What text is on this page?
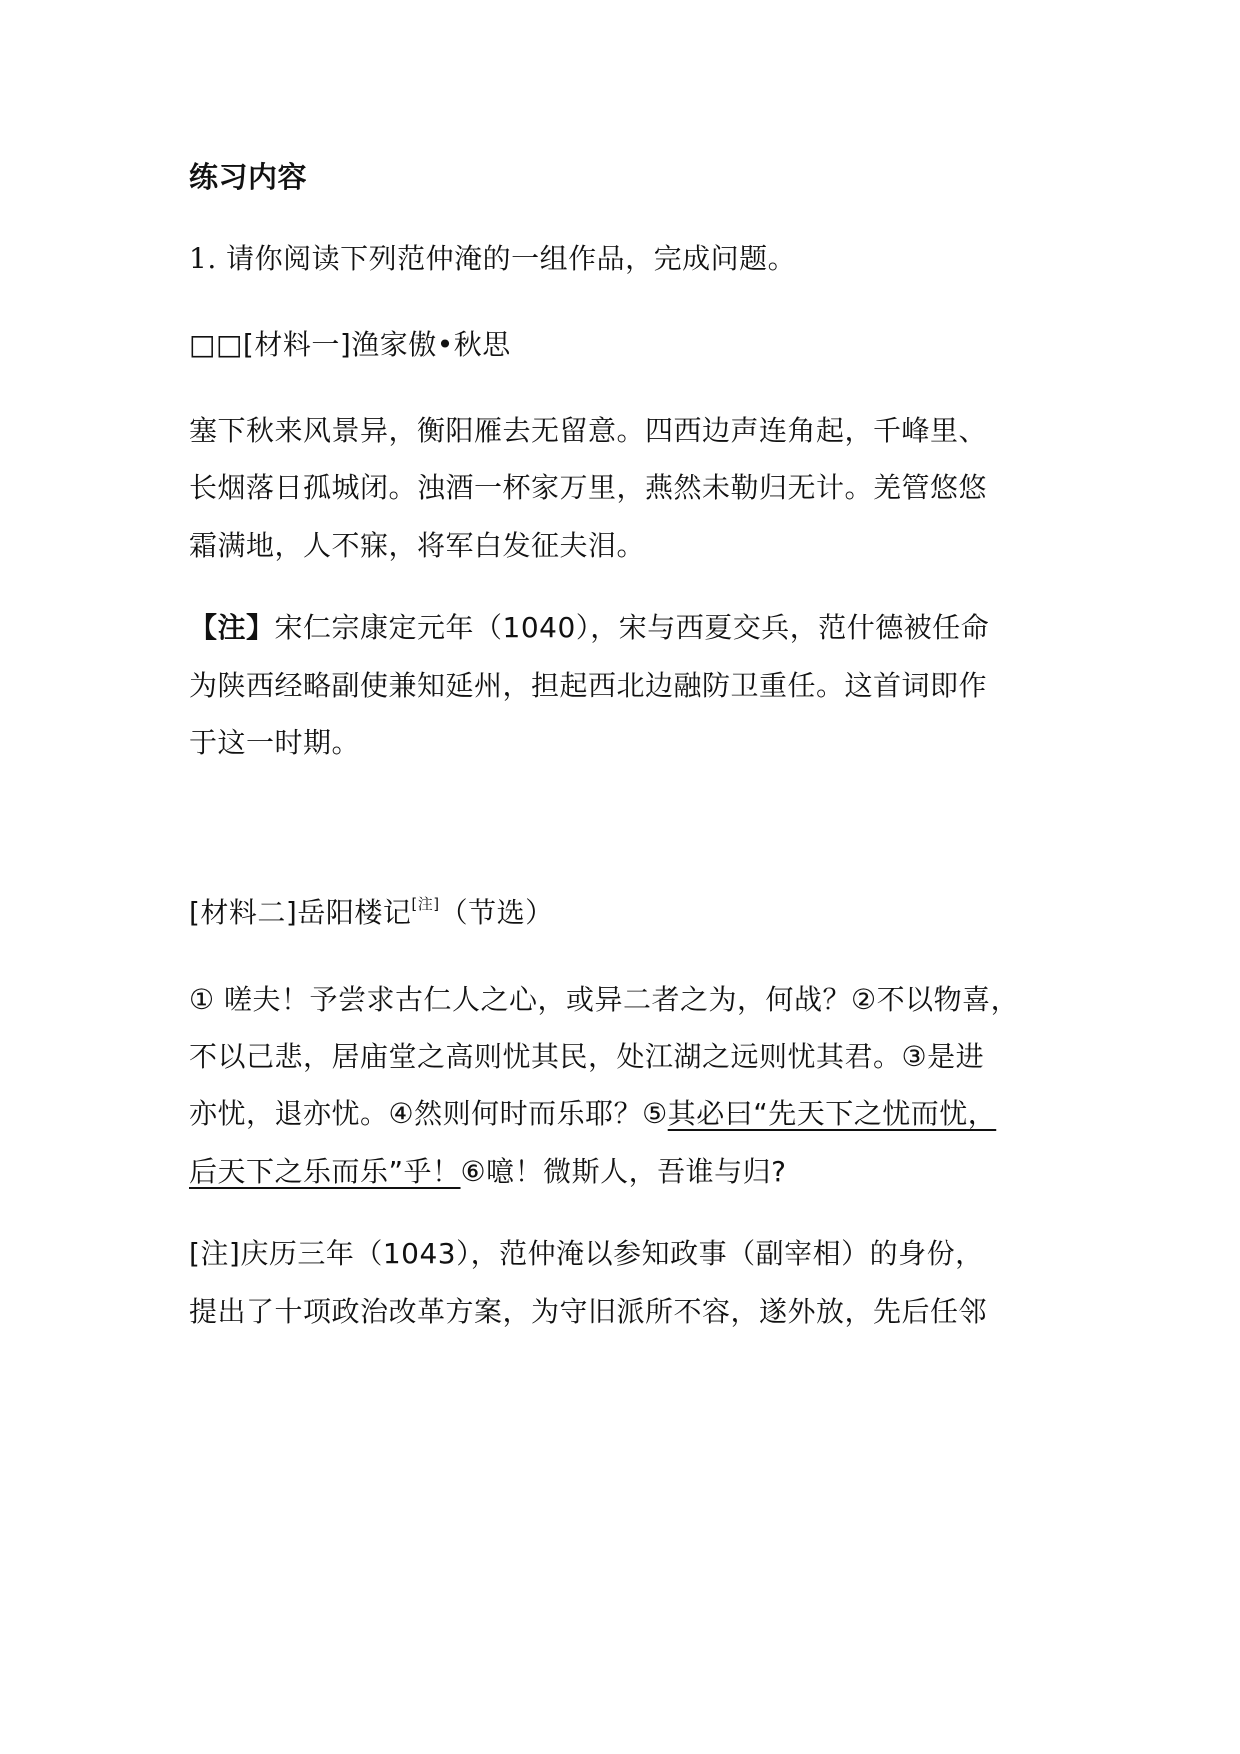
练习内容
1. 请你阅读下列范仲淹的一组作品，完成问题。
□□[材料一]渔家傲•秋思
塞下秋来风景异，衡阳雁去无留意。四西边声连角起，千峰里、
长烟落日孤城闭。浊酒一杯家万里，燕然未勒归无计。羌管悠悠
霜满地，人不寐，将军白发征夫泪。
【注】宋仁宗康定元年（1040），宋与西夏交兵，范什德被任命
为陕西经略副使兼知延州，担起西北边融防卫重任。这首词即作
于这一时期。
[材料二]岳阳楼记[注]（节选）
① 嗟夫！予尝求古仁人之心，或异二者之为，何战？②不以物喜，
不以己悲，居庙堂之高则忧其民，处江湖之远则忧其君。③是进
亦忧，退亦忧。④然则何时而乐耶？⑤其必曰“先天下之忧而忧，
后天下之乐而乐”乎！⑥噫！微斯人，吾谁与归?
[注]庆历三年（1043），范仲淹以参知政事（副宰相）的身份，
提出了十项政治改革方案，为守旧派所不容，遂外放，先后任邻
